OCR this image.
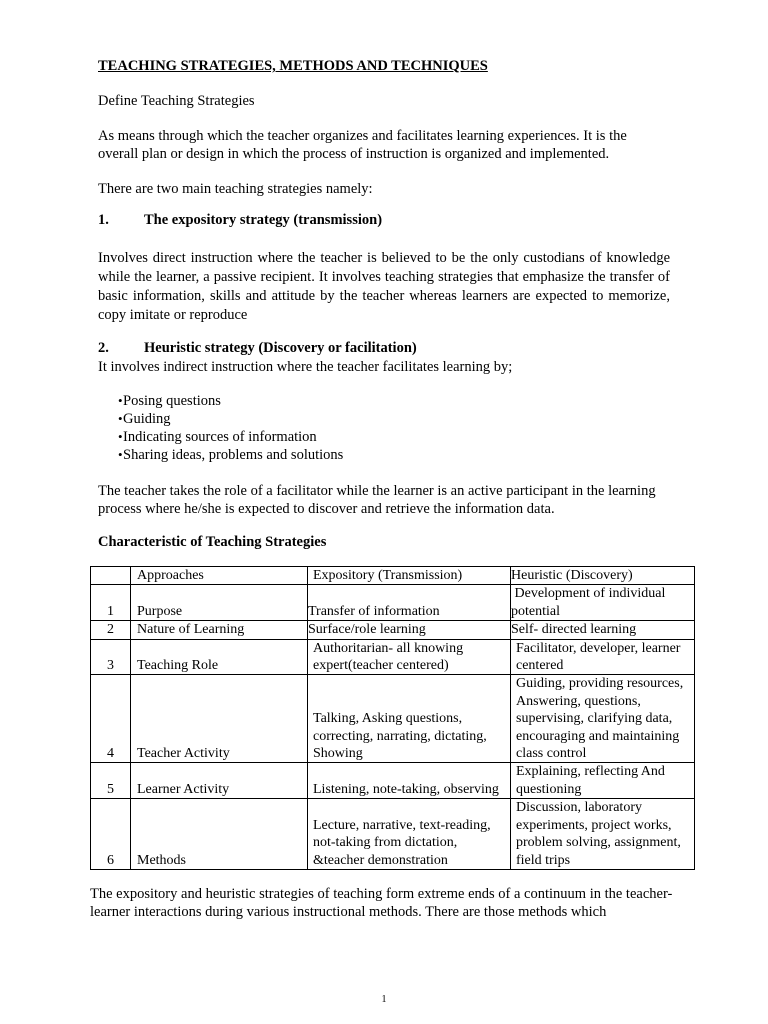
TEACHING STRATEGIES, METHODS AND TECHNIQUES
Define Teaching Strategies
As means through which the teacher organizes and facilitates learning experiences. It is the overall plan or design in which the process of instruction is organized and implemented.
There are two main teaching strategies namely:
1. The expository strategy (transmission)
Involves direct instruction where the teacher is believed to be the only custodians of knowledge while the learner, a passive recipient. It involves teaching strategies that emphasize the transfer of basic information, skills and attitude by the teacher whereas learners are expected to memorize, copy imitate or reproduce
2. Heuristic strategy (Discovery or facilitation)
It involves indirect instruction where the teacher facilitates learning by;
•Posing questions
•Guiding
•Indicating sources of information
•Sharing ideas, problems and solutions
The teacher takes the role of a facilitator while the learner is an active participant in the learning process where he/she is expected to discover and retrieve the information data.
Characteristic of Teaching Strategies
	Approaches	Expository (Transmission)	Heuristic (Discovery)
1	Purpose	Transfer of information	Development of individual potential
2	Nature of Learning	Surface/role learning	Self- directed learning
3	Teaching Role	Authoritarian- all knowing expert(teacher centered)	Facilitator, developer, learner centered
4	Teacher Activity	Talking, Asking questions, correcting, narrating, dictating, Showing	Guiding, providing resources, Answering, questions, supervising, clarifying data, encouraging and maintaining class control
5	Learner Activity	Listening, note-taking, observing	Explaining, reflecting And questioning
6	Methods	Lecture, narrative, text-reading, not-taking from dictation, &teacher demonstration	Discussion, laboratory experiments, project works, problem solving, assignment, field trips
The expository and heuristic strategies of teaching form extreme ends of a continuum in the teacher-learner interactions during various instructional methods. There are those methods which
1
